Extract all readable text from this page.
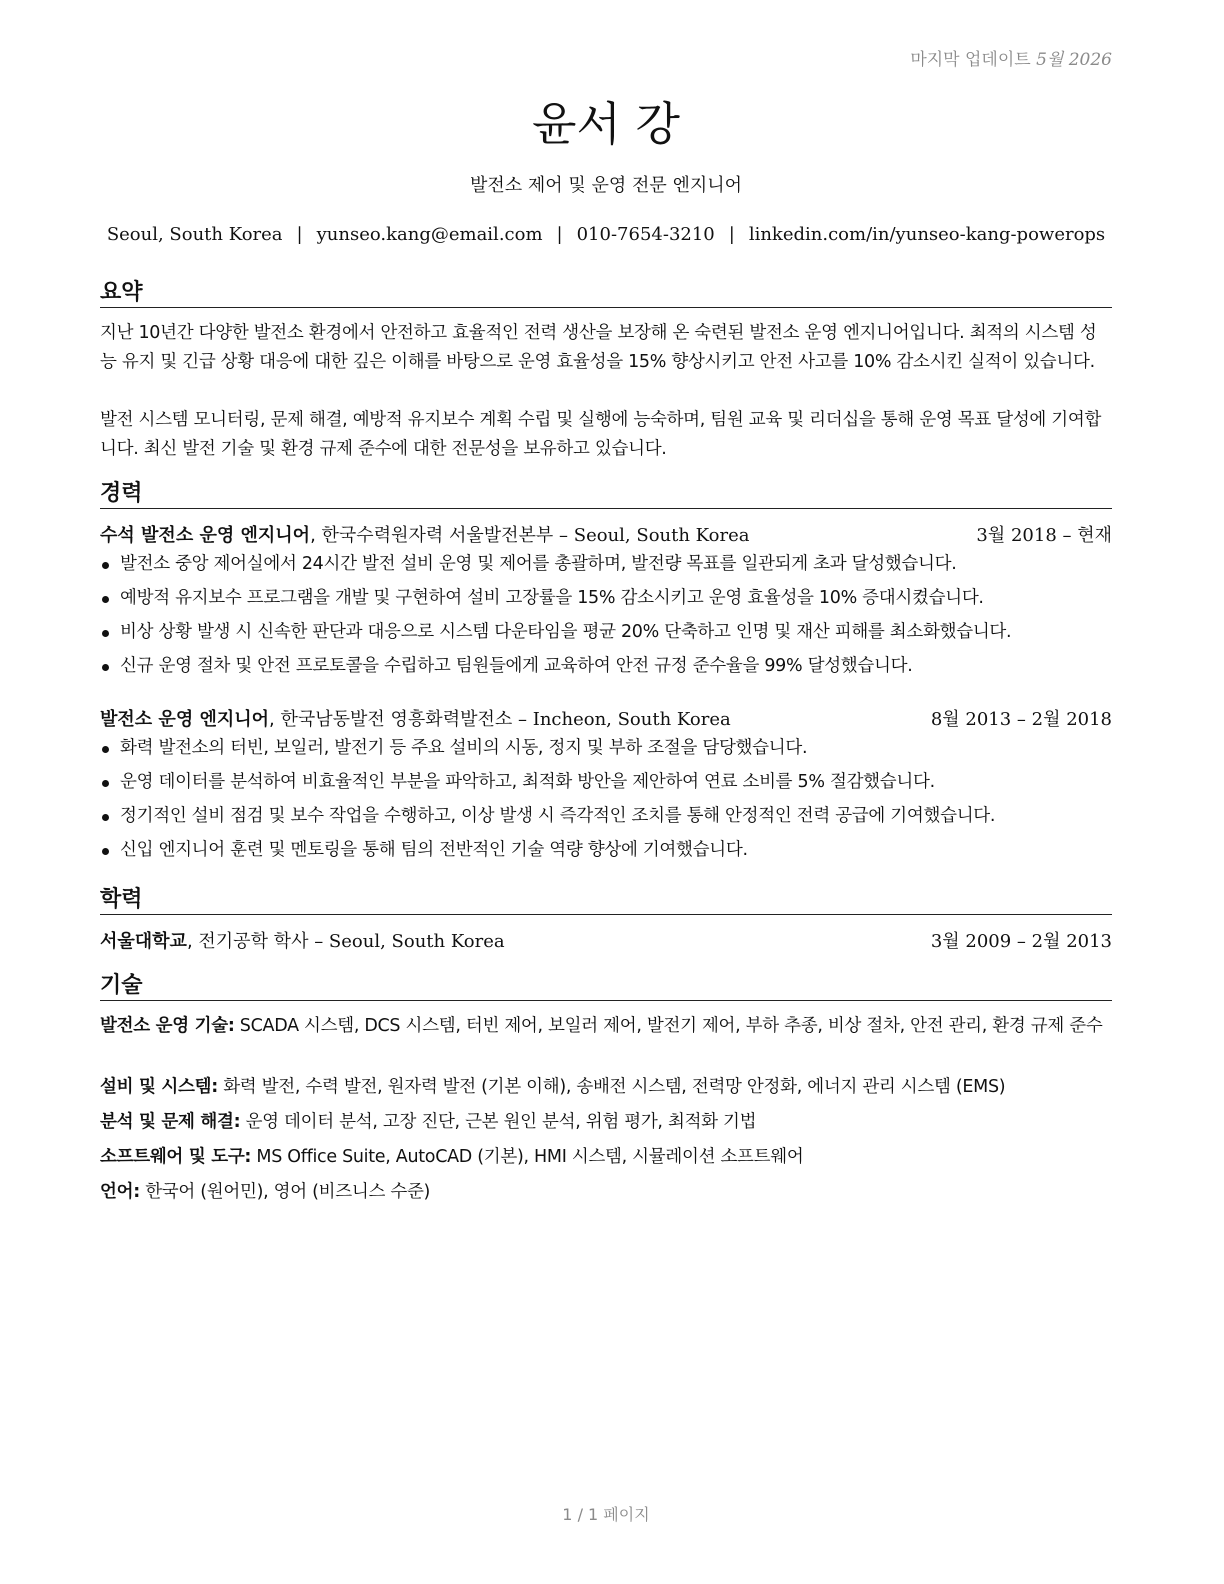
마지막 업데이트 5월 2026
윤서 강
발전소 제어 및 운영 전문 엔지니어
Seoul, South Korea | yunseo.kang@email.com | 010-7654-3210 | linkedin.com/in/yunseo-kang-powerops
요약
지난 10년간 다양한 발전소 환경에서 안전하고 효율적인 전력 생산을 보장해 온 숙련된 발전소 운영 엔지니어입니다. 최적의 시스템 성능 유지 및 긴급 상황 대응에 대한 깊은 이해를 바탕으로 운영 효율성을 15% 향상시키고 안전 사고를 10% 감소시킨 실적이 있습니다.
발전 시스템 모니터링, 문제 해결, 예방적 유지보수 계획 수립 및 실행에 능숙하며, 팀원 교육 및 리더십을 통해 운영 목표 달성에 기여합니다. 최신 발전 기술 및 환경 규제 준수에 대한 전문성을 보유하고 있습니다.
경력
수석 발전소 운영 엔지니어, 한국수력원자력 서울발전본부 – Seoul, South Korea	3월 2018 – 현재
발전소 중앙 제어실에서 24시간 발전 설비 운영 및 제어를 총괄하며, 발전량 목표를 일관되게 초과 달성했습니다.
예방적 유지보수 프로그램을 개발 및 구현하여 설비 고장률을 15% 감소시키고 운영 효율성을 10% 증대시켰습니다.
비상 상황 발생 시 신속한 판단과 대응으로 시스템 다운타임을 평균 20% 단축하고 인명 및 재산 피해를 최소화했습니다.
신규 운영 절차 및 안전 프로토콜을 수립하고 팀원들에게 교육하여 안전 규정 준수율을 99% 달성했습니다.
발전소 운영 엔지니어, 한국남동발전 영흥화력발전소 – Incheon, South Korea	8월 2013 – 2월 2018
화력 발전소의 터빈, 보일러, 발전기 등 주요 설비의 시동, 정지 및 부하 조절을 담당했습니다.
운영 데이터를 분석하여 비효율적인 부분을 파악하고, 최적화 방안을 제안하여 연료 소비를 5% 절감했습니다.
정기적인 설비 점검 및 보수 작업을 수행하고, 이상 발생 시 즉각적인 조치를 통해 안정적인 전력 공급에 기여했습니다.
신입 엔지니어 훈련 및 멘토링을 통해 팀의 전반적인 기술 역량 향상에 기여했습니다.
학력
서울대학교, 전기공학 학사 – Seoul, South Korea	3월 2009 – 2월 2013
기술
발전소 운영 기술: SCADA 시스템, DCS 시스템, 터빈 제어, 보일러 제어, 발전기 제어, 부하 추종, 비상 절차, 안전 관리, 환경 규제 준수
설비 및 시스템: 화력 발전, 수력 발전, 원자력 발전 (기본 이해), 송배전 시스템, 전력망 안정화, 에너지 관리 시스템 (EMS)
분석 및 문제 해결: 운영 데이터 분석, 고장 진단, 근본 원인 분석, 위험 평가, 최적화 기법
소프트웨어 및 도구: MS Office Suite, AutoCAD (기본), HMI 시스템, 시뮬레이션 소프트웨어
언어: 한국어 (원어민), 영어 (비즈니스 수준)
1 / 1 페이지
